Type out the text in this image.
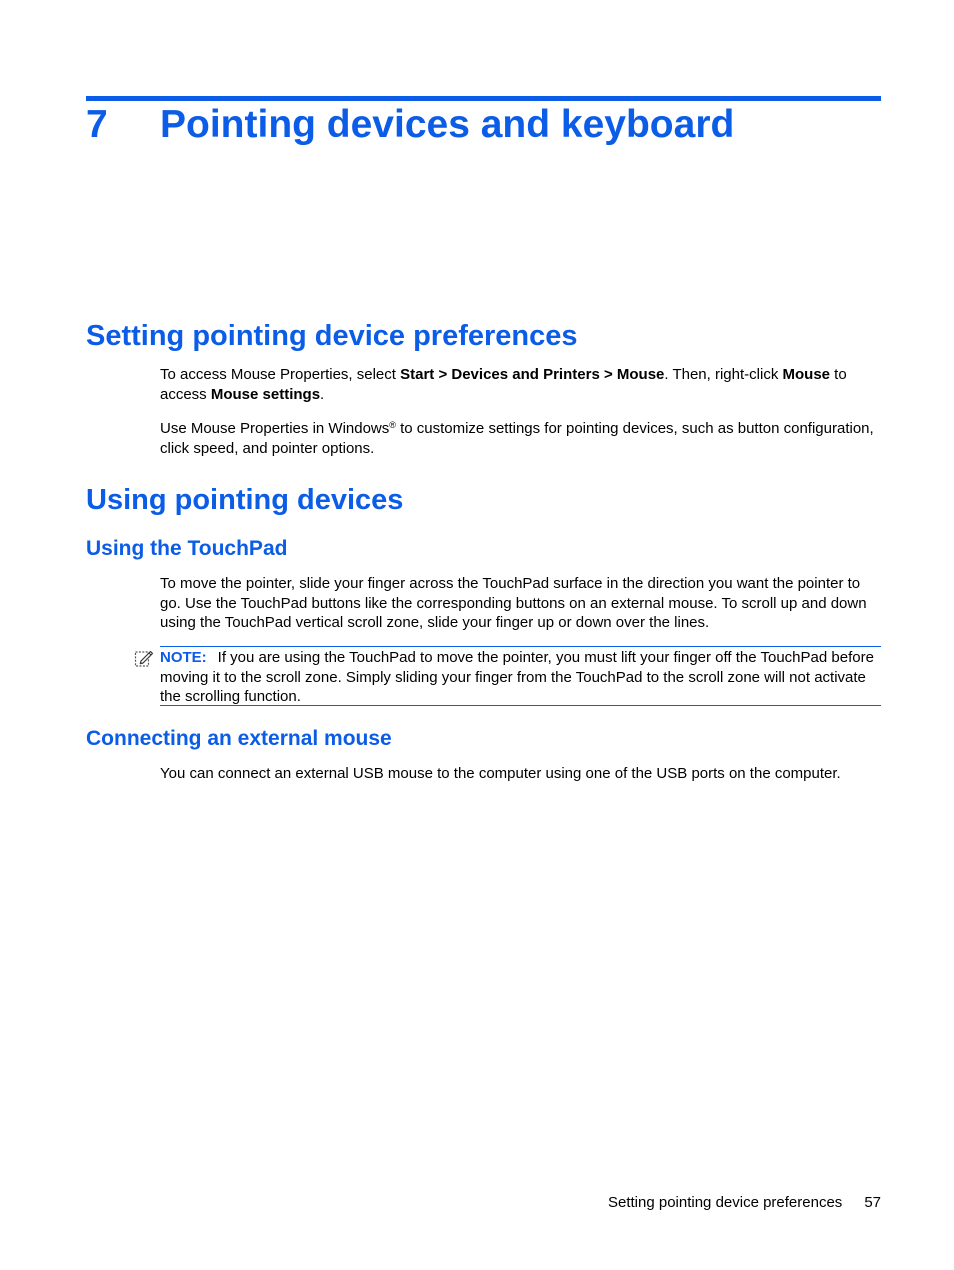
7 Pointing devices and keyboard
Setting pointing device preferences

To access Mouse Properties, select Start > Devices and Printers > Mouse. Then, right-click Mouse to access Mouse settings.

Use Mouse Properties in Windows® to customize settings for pointing devices, such as button configuration, click speed, and pointer options.

Using pointing devices
Using the TouchPad

To move the pointer, slide your finger across the TouchPad surface in the direction you want the pointer to go. Use the TouchPad buttons like the corresponding buttons on an external mouse. To scroll up and down using the TouchPad vertical scroll zone, slide your finger up or down over the lines.

NOTE: If you are using the TouchPad to move the pointer, you must lift your finger off the TouchPad before moving it to the scroll zone. Simply sliding your finger from the TouchPad to the scroll zone will not activate the scrolling function.

Connecting an external mouse

You can connect an external USB mouse to the computer using one of the USB ports on the computer.

Setting pointing device preferences 57
